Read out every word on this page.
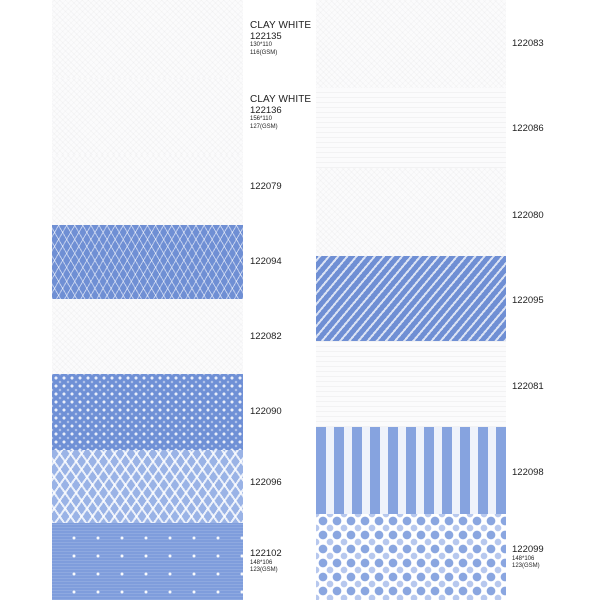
CLAY WHITE
122135
130*110
116(GSM)
CLAY WHITE
122136
156*110
127(GSM)
122079
122094
122082
122090
122096
122102
148*106
123(GSM)
122083
122086
122080
122095
122081
122098
122099
148*106
123(GSM)
